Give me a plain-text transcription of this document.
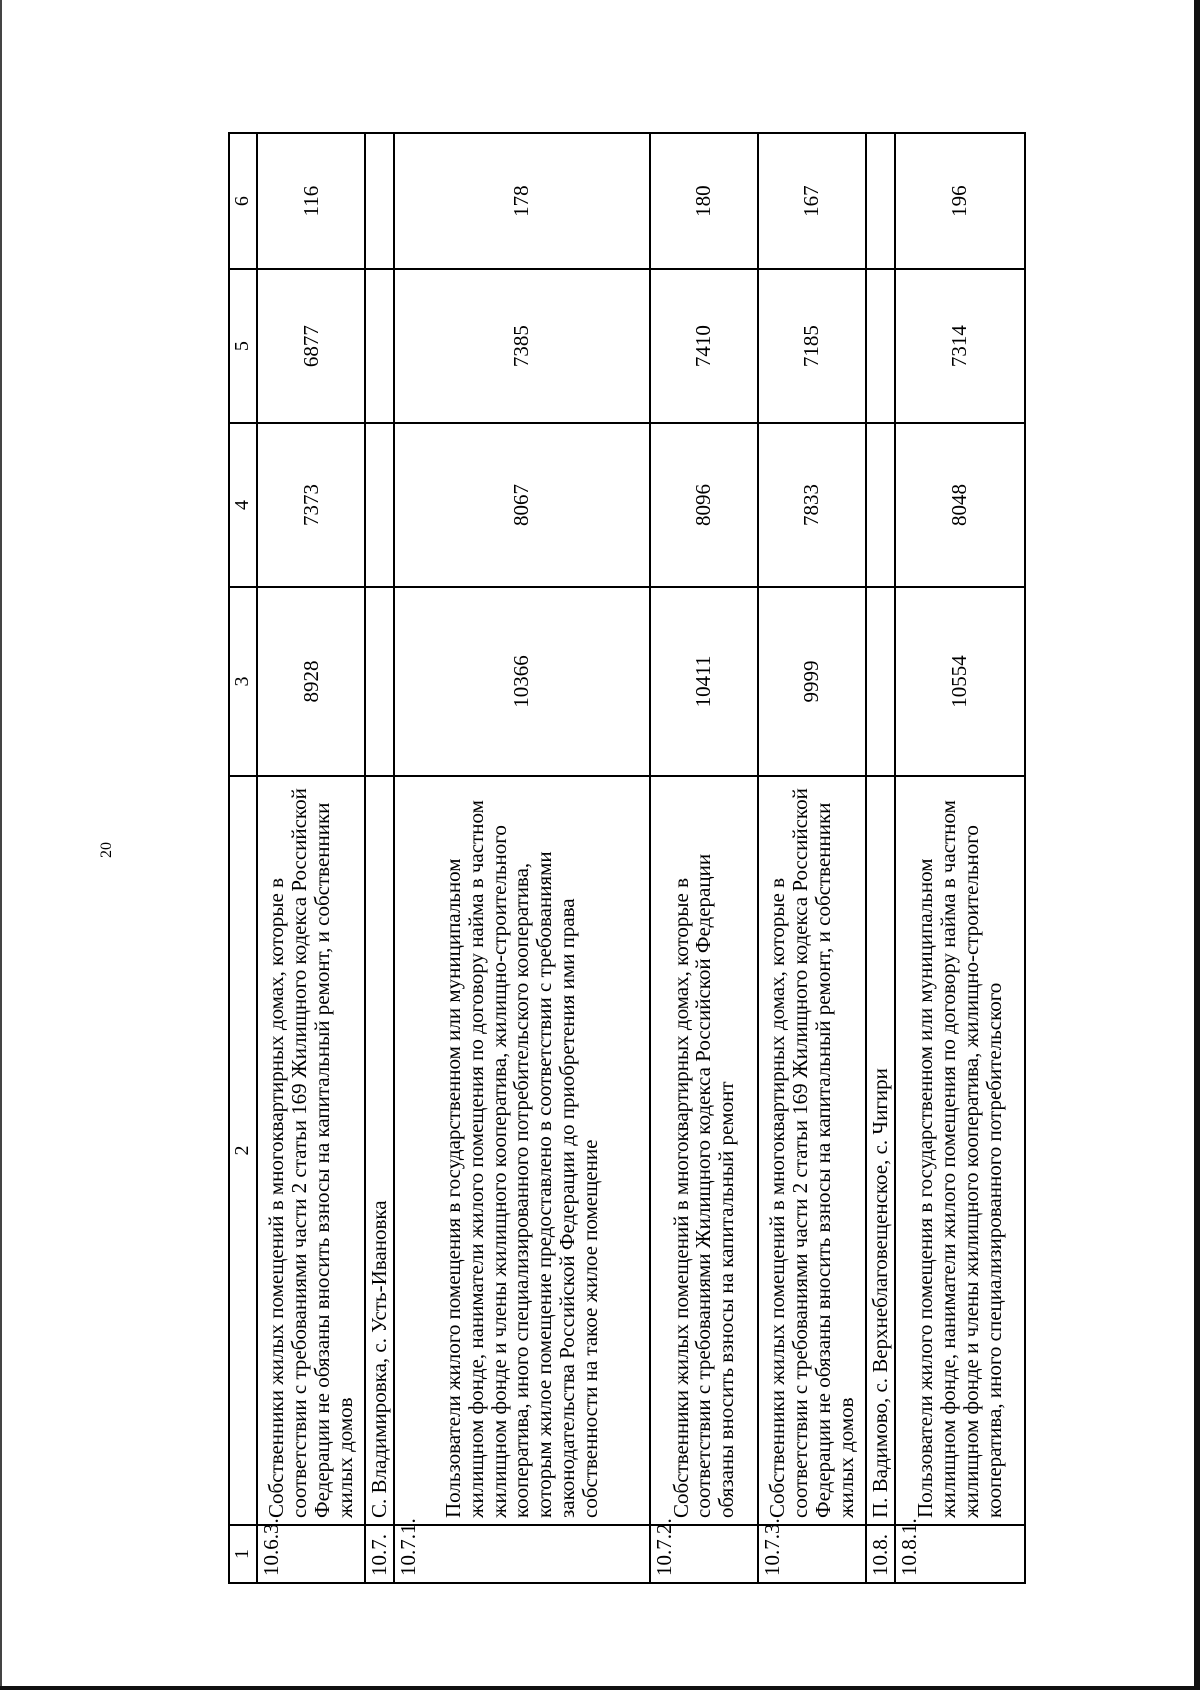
20
1	2	3	4	5	6
10.6.3.	Собственники жилых помещений в многоквартирных домах, которые в соответствии с требованиями части 2 статьи 169 Жилищного кодекса Российской Федерации не обязаны вносить взносы на капитальный ремонт, и собственники жилых домов	8928	7373	6877	116
10.7.	С. Владимировка, с. Усть-Ивановка				
10.7.1.	Пользователи жилого помещения в государственном или муниципальном жилищном фонде, наниматели жилого помещения по договору найма в частном жилищном фонде и члены жилищного кооператива, жилищно-строительного кооператива, иного специализированного потребительского кооператива, которым жилое помещение предоставлено в соответствии с требованиями законодательства Российской Федерации до приобретения ими права собственности на такое жилое помещение	10366	8067	7385	178
10.7.2.	Собственники жилых помещений в многоквартирных домах, которые в соответствии с требованиями Жилищного кодекса Российской Федерации обязаны вносить взносы на капитальный ремонт	10411	8096	7410	180
10.7.3.	Собственники жилых помещений в многоквартирных домах, которые в соответствии с требованиями части 2 статьи 169 Жилищного кодекса Российской Федерации не обязаны вносить взносы на капитальный ремонт, и собственники жилых домов	9999	7833	7185	167
10.8.	П. Вадимово, с. Верхнеблаговещенское, с. Чигири				
10.8.1.	Пользователи жилого помещения в государственном или муниципальном жилищном фонде, наниматели жилого помещения по договору найма в частном жилищном фонде и члены жилищного кооператива, жилищно-строительного кооператива, иного специализированного потребительского	10554	8048	7314	196
